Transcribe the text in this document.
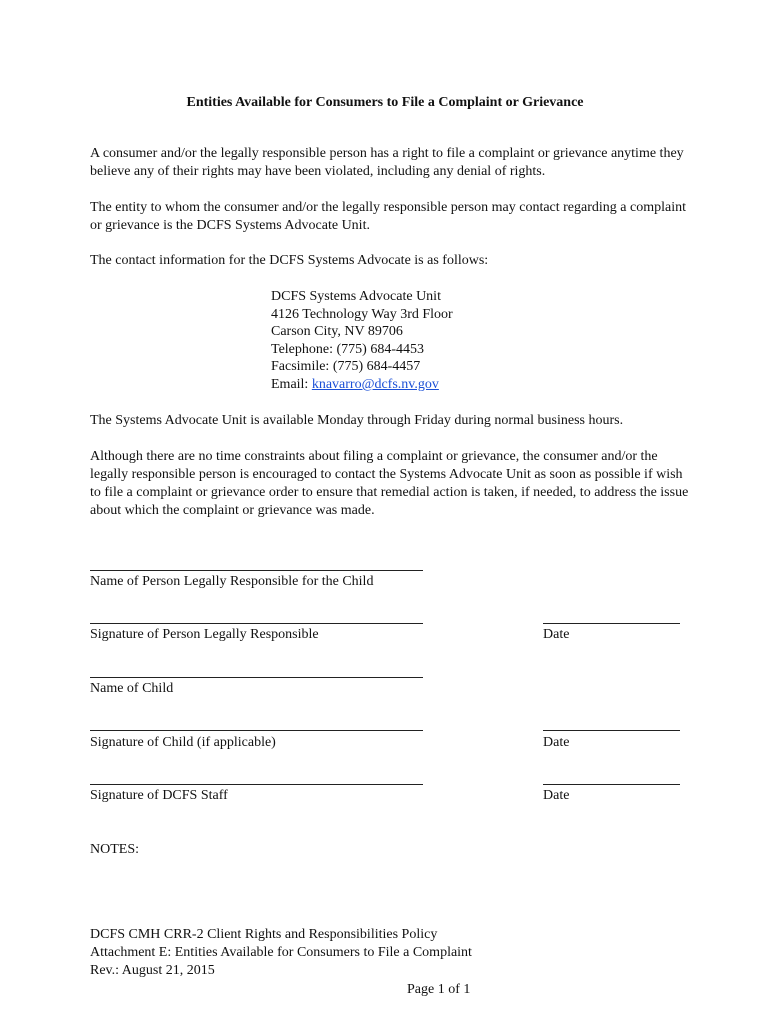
Entities Available for Consumers to File a Complaint or Grievance
A consumer and/or the legally responsible person has a right to file a complaint or grievance anytime they believe any of their rights may have been violated, including any denial of rights.
The entity to whom the consumer and/or the legally responsible person may contact regarding a complaint or grievance is the DCFS Systems Advocate Unit.
The contact information for the DCFS Systems Advocate is as follows:
DCFS Systems Advocate Unit
4126 Technology Way 3rd Floor
Carson City, NV 89706
Telephone: (775) 684-4453
Facsimile: (775) 684-4457
Email: knavarro@dcfs.nv.gov
The Systems Advocate Unit is available Monday through Friday during normal business hours.
Although there are no time constraints about filing a complaint or grievance, the consumer and/or the legally responsible person is encouraged to contact the Systems Advocate Unit as soon as possible if wish to file a complaint or grievance order to ensure that remedial action is taken, if needed, to address the issue about which the complaint or grievance was made.
Name of Person Legally Responsible for the Child
Signature of Person Legally Responsible	Date
Name of Child
Signature of Child (if applicable)	Date
Signature of DCFS Staff	Date
NOTES:
DCFS CMH CRR-2 Client Rights and Responsibilities Policy
Attachment E: Entities Available for Consumers to File a Complaint
Rev.: August 21, 2015
Page 1 of 1
